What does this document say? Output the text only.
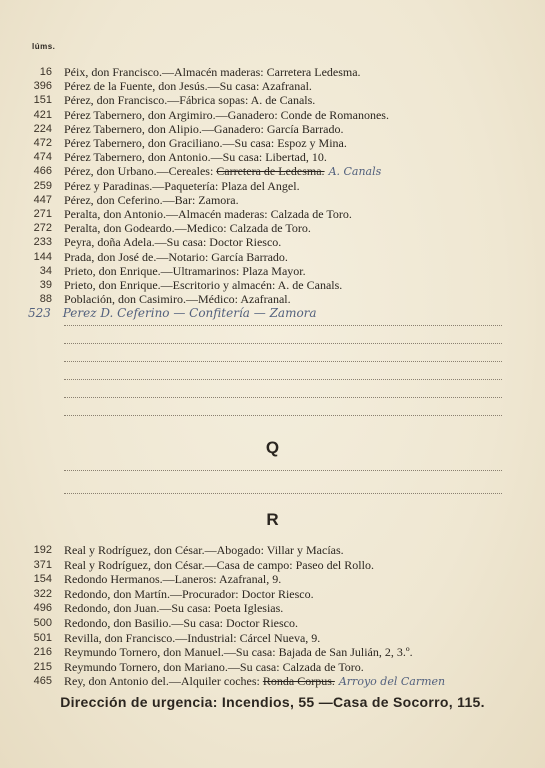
lúms.
16 Péix, don Francisco.—Almacén maderas: Carretera Ledesma.
396 Pérez de la Fuente, don Jesús.—Su casa: Azafranal.
151 Pérez, don Francisco.—Fábrica sopas: A. de Canals.
421 Pérez Tabernero, don Argimiro.—Ganadero: Conde de Romanones.
224 Pérez Tabernero, don Alipio.—Ganadero: García Barrado.
472 Pérez Tabernero, don Graciliano.—Su casa: Espoz y Mina.
474 Pérez Tabernero, don Antonio.—Su casa: Libertad, 10.
466 Pérez, don Urbano.—Cereales: Carretera de Ledesma. A. Canals
259 Pérez y Paradinas.—Paquetería: Plaza del Angel.
447 Pérez, don Ceferino.—Bar: Zamora.
271 Peralta, don Antonio.—Almacén maderas: Calzada de Toro.
272 Peralta, don Godeardo.—Medico: Calzada de Toro.
233 Peyra, doña Adela.—Su casa: Doctor Riesco.
144 Prada, don José de.—Notario: García Barrado.
34 Prieto, don Enrique.—Ultramarinos: Plaza Mayor.
39 Prieto, don Enrique.—Escritorio y almacén: A. de Canals.
88 Población, don Casimiro.—Médico: Azafranal.
523 Perez D. Ceferino — Confitería — Zamora
Q
R
192 Real y Rodríguez, don César.—Abogado: Villar y Macías.
371 Real y Rodríguez, don César.—Casa de campo: Paseo del Rollo.
154 Redondo Hermanos.—Laneros: Azafranal, 9.
322 Redondo, don Martín.—Procurador: Doctor Riesco.
496 Redondo, don Juan.—Su casa: Poeta Iglesias.
500 Redondo, don Basilio.—Su casa: Doctor Riesco.
501 Revilla, don Francisco.—Industrial: Cárcel Nueva, 9.
216 Reymundo Tornero, don Manuel.—Su casa: Bajada de San Julián, 2, 3.º.
215 Reymundo Tornero, don Mariano.—Su casa: Calzada de Toro.
465 Rey, don Antonio del.—Alquiler coches: Ronda Corpus. Arroyo del Carmen
Dirección de urgencia: Incendios, 55 —Casa de Socorro, 115.
